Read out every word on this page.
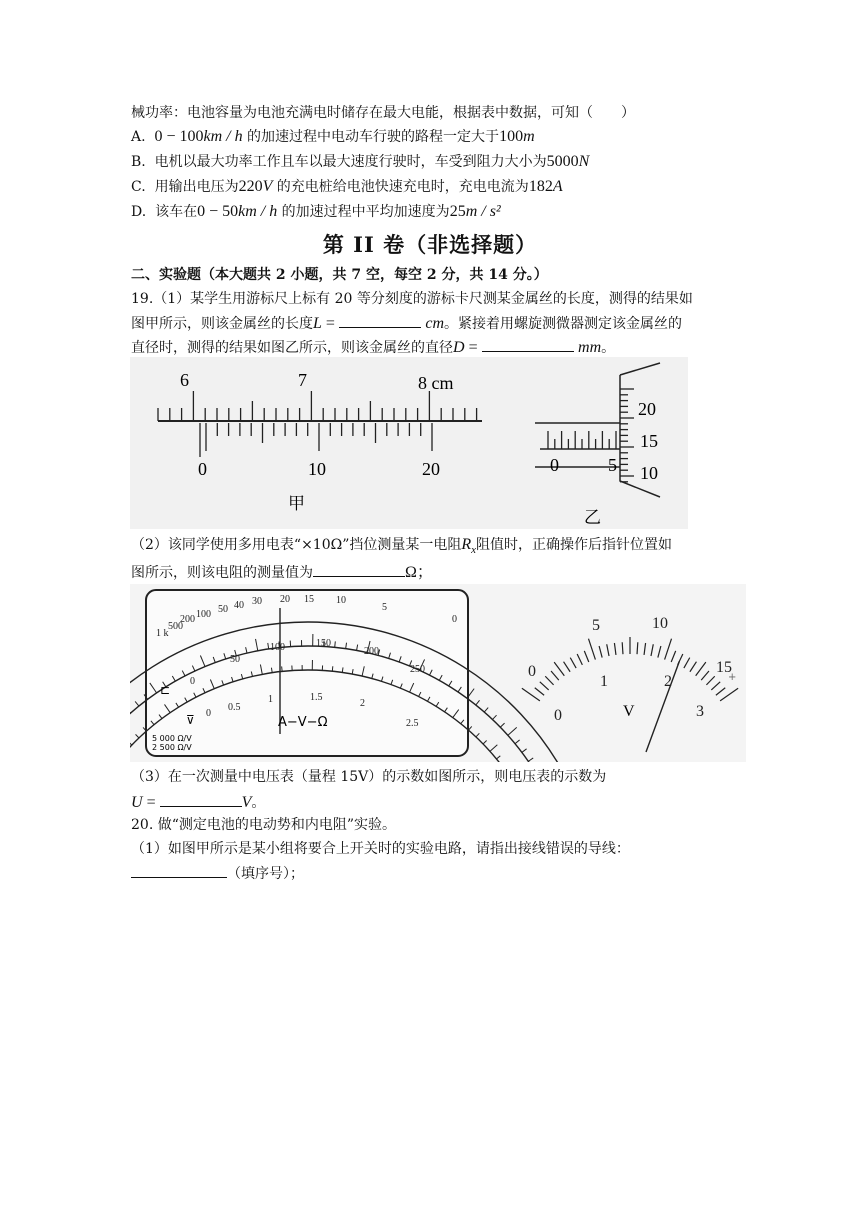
械功率：电池容量为电池充满电时储存在最大电能，根据表中数据，可知（　　）
A. 0 − 100km / h 的加速过程中电动车行驶的路程一定大于100m
B. 电机以最大功率工作且车以最大速度行驶时，车受到阻力大小为5000N
C. 用输出电压为220V 的充电桩给电池快速充电时，充电电流为182A
D. 该车在0 − 50km / h 的加速过程中平均加速度为25m / s²
第 II 卷（非选择题）
二、实验题（本大题共 2 小题，共 7 空，每空 2 分，共 14 分。）
19.（1）某学生用游标尺上标有 20 等分刻度的游标卡尺测某金属丝的长度，测得的结果如
图甲所示，则该金属丝的长度L =	cm。紧接着用螺旋测微器测定该金属丝的
直径时，测得的结果如图乙所示，则该金属丝的直径D =	mm。
6	7	8 cm
0	10	20
甲
0	5
20
15
10
乙
（2）该同学使用多用电表“×10Ω”挡位测量某一电阻$R_x$阻值时，正确操作后指针位置如
图所示，则该电阻的测量值为	Ω；
1 k
500
200 100 50 40 30 20 15 10
5
0
0
50
100	150
200
250
0
0.5
1	1.5
2
2.5
A−V−Ω
5 000 Ω/V
2 500 Ω/V
⊏
⊽
0
5	10
15
0
1	2
3
V
+
（3）在一次测量中电压表（量程 15V）的示数如图所示，则电压表的示数为
U =	V。
20. 做“测定电池的电动势和内电阻”实验。
（1）如图甲所示是某小组将要合上开关时的实验电路，请指出接线错误的导线：
（填序号）；
